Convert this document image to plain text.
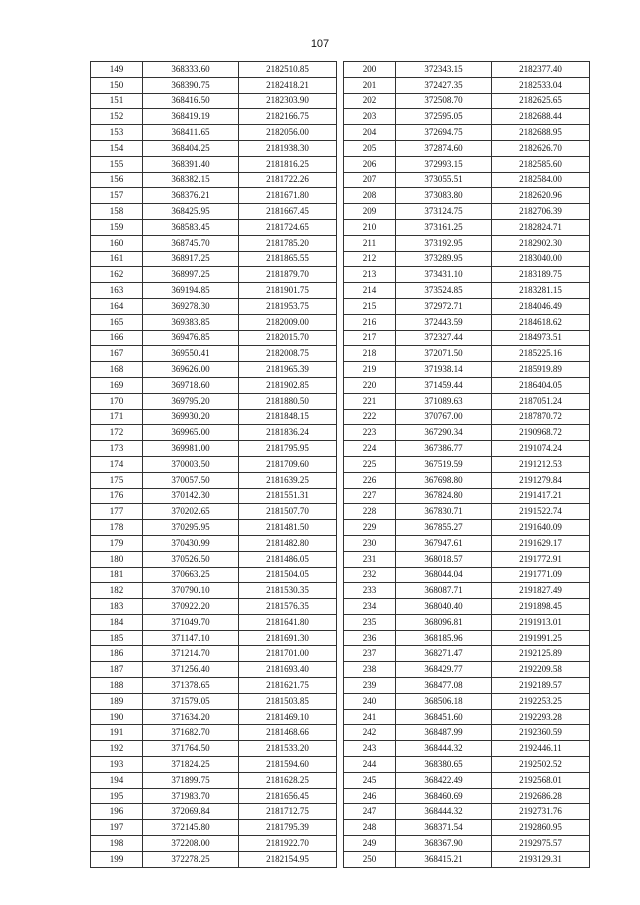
107
149	368333.60	2182510.85
150	368390.75	2182418.21
151	368416.50	2182303.90
152	368419.19	2182166.75
153	368411.65	2182056.00
154	368404.25	2181938.30
155	368391.40	2181816.25
156	368382.15	2181722.26
157	368376.21	2181671.80
158	368425.95	2181667.45
159	368583.45	2181724.65
160	368745.70	2181785.20
161	368917.25	2181865.55
162	368997.25	2181879.70
163	369194.85	2181901.75
164	369278.30	2181953.75
165	369383.85	2182009.00
166	369476.85	2182015.70
167	369550.41	2182008.75
168	369626.00	2181965.39
169	369718.60	2181902.85
170	369795.20	2181880.50
171	369930.20	2181848.15
172	369965.00	2181836.24
173	369981.00	2181795.95
174	370003.50	2181709.60
175	370057.50	2181639.25
176	370142.30	2181551.31
177	370202.65	2181507.70
178	370295.95	2181481.50
179	370430.99	2181482.80
180	370526.50	2181486.05
181	370663.25	2181504.05
182	370790.10	2181530.35
183	370922.20	2181576.35
184	371049.70	2181641.80
185	371147.10	2181691.30
186	371214.70	2181701.00
187	371256.40	2181693.40
188	371378.65	2181621.75
189	371579.05	2181503.85
190	371634.20	2181469.10
191	371682.70	2181468.66
192	371764.50	2181533.20
193	371824.25	2181594.60
194	371899.75	2181628.25
195	371983.70	2181656.45
196	372069.84	2181712.75
197	372145.80	2181795.39
198	372208.00	2181922.70
199	372278.25	2182154.95
200	372343.15	2182377.40
201	372427.35	2182533.04
202	372508.70	2182625.65
203	372595.05	2182688.44
204	372694.75	2182688.95
205	372874.60	2182626.70
206	372993.15	2182585.60
207	373055.51	2182584.00
208	373083.80	2182620.96
209	373124.75	2182706.39
210	373161.25	2182824.71
211	373192.95	2182902.30
212	373289.95	2183040.00
213	373431.10	2183189.75
214	373524.85	2183281.15
215	372972.71	2184046.49
216	372443.59	2184618.62
217	372327.44	2184973.51
218	372071.50	2185225.16
219	371938.14	2185919.89
220	371459.44	2186404.05
221	371089.63	2187051.24
222	370767.00	2187870.72
223	367290.34	2190968.72
224	367386.77	2191074.24
225	367519.59	2191212.53
226	367698.80	2191279.84
227	367824.80	2191417.21
228	367830.71	2191522.74
229	367855.27	2191640.09
230	367947.61	2191629.17
231	368018.57	2191772.91
232	368044.04	2191771.09
233	368087.71	2191827.49
234	368040.40	2191898.45
235	368096.81	2191913.01
236	368185.96	2191991.25
237	368271.47	2192125.89
238	368429.77	2192209.58
239	368477.08	2192189.57
240	368506.18	2192253.25
241	368451.60	2192293.28
242	368487.99	2192360.59
243	368444.32	2192446.11
244	368380.65	2192502.52
245	368422.49	2192568.01
246	368460.69	2192686.28
247	368444.32	2192731.76
248	368371.54	2192860.95
249	368367.90	2192975.57
250	368415.21	2193129.31
